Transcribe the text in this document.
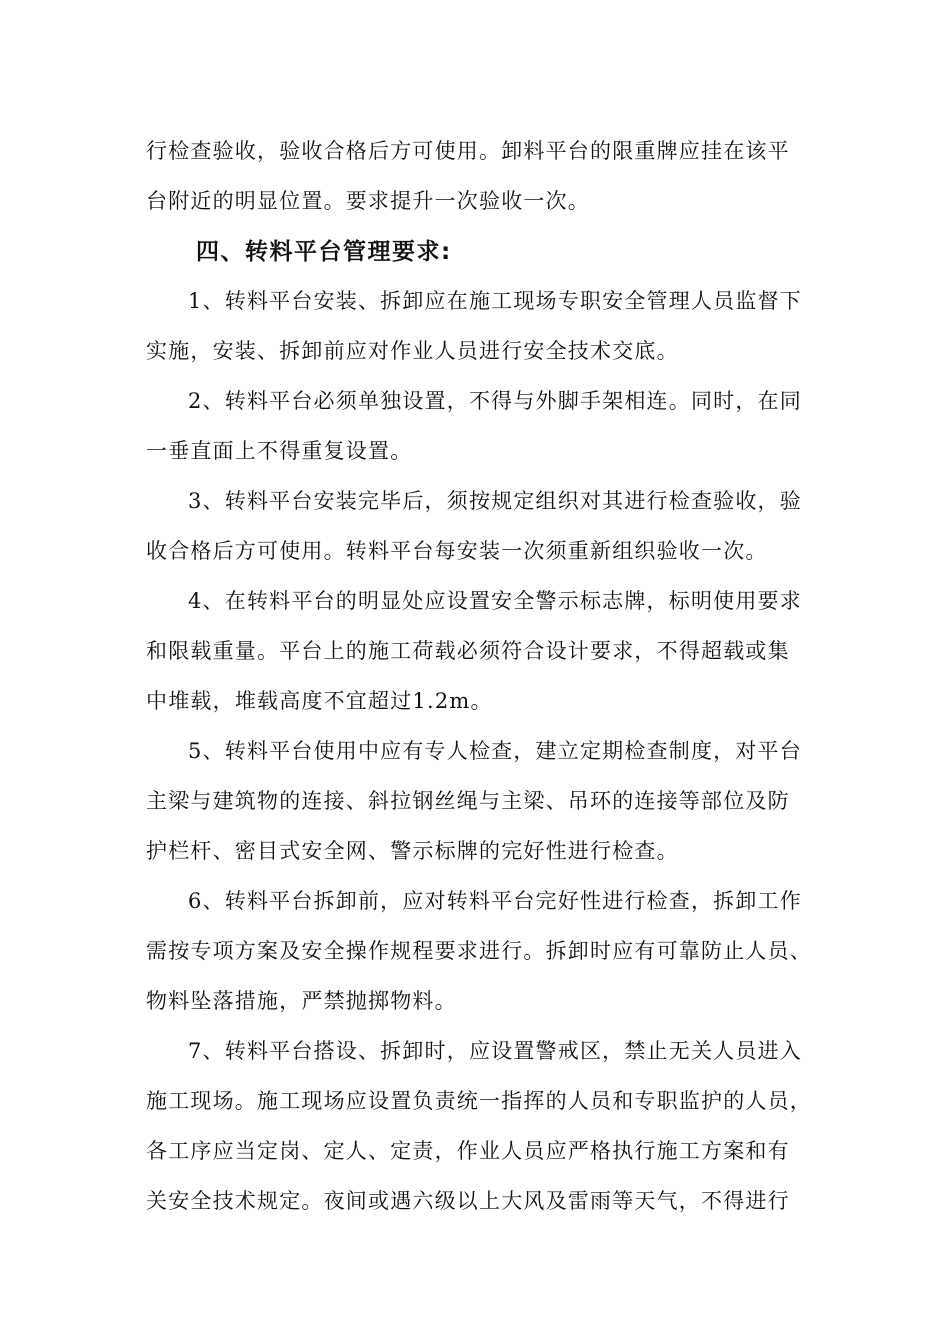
行检查验收，验收合格后方可使用。卸料平台的限重牌应挂在该平
台附近的明显位置。要求提升一次验收一次。
四、转料平台管理要求:
1、转料平台安装、拆卸应在施工现场专职安全管理人员监督下
实施，安装、拆卸前应对作业人员进行安全技术交底。
2、转料平台必须单独设置，不得与外脚手架相连。同时，在同
一垂直面上不得重复设置。
3、转料平台安装完毕后，须按规定组织对其进行检查验收，验
收合格后方可使用。转料平台每安装一次须重新组织验收一次。
4、在转料平台的明显处应设置安全警示标志牌，标明使用要求
和限载重量。平台上的施工荷载必须符合设计要求，不得超载或集
中堆载，堆载高度不宜超过1.2m。
5、转料平台使用中应有专人检查，建立定期检查制度，对平台
主梁与建筑物的连接、斜拉钢丝绳与主梁、吊环的连接等部位及防
护栏杆、密目式安全网、警示标牌的完好性进行检查。
6、转料平台拆卸前，应对转料平台完好性进行检查，拆卸工作
需按专项方案及安全操作规程要求进行。拆卸时应有可靠防止人员、
物料坠落措施，严禁抛掷物料。
7、转料平台搭设、拆卸时，应设置警戒区，禁止无关人员进入
施工现场。施工现场应设置负责统一指挥的人员和专职监护的人员，
各工序应当定岗、定人、定责，作业人员应严格执行施工方案和有
关安全技术规定。夜间或遇六级以上大风及雷雨等天气，不得进行
